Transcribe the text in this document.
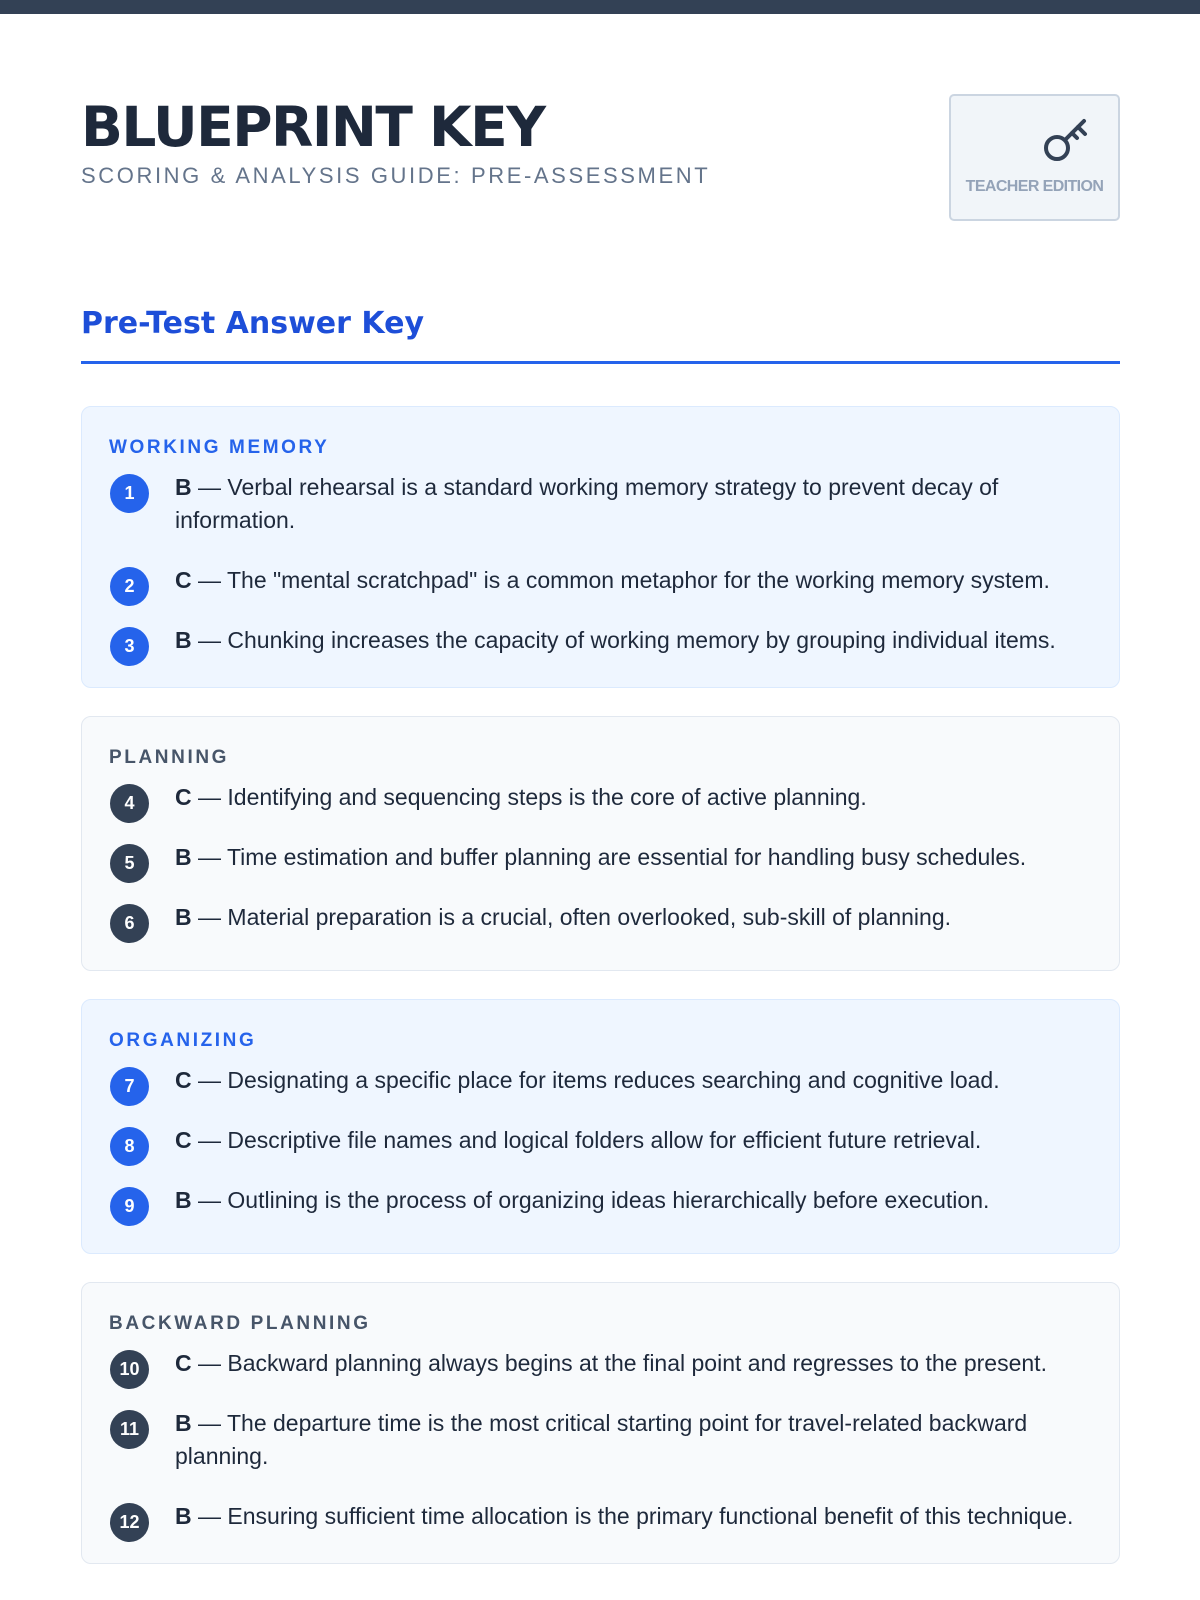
BLUEPRINT KEY
SCORING & ANALYSIS GUIDE: PRE-ASSESSMENT	TEACHER EDITION
Pre-Test Answer Key
WORKING MEMORY
1	B — Verbal rehearsal is a standard working memory strategy to prevent decay of information.
2	C — The "mental scratchpad" is a common metaphor for the working memory system.
3	B — Chunking increases the capacity of working memory by grouping individual items.
PLANNING
4	C — Identifying and sequencing steps is the core of active planning.
5	B — Time estimation and buffer planning are essential for handling busy schedules.
6	B — Material preparation is a crucial, often overlooked, sub-skill of planning.
ORGANIZING
7	C — Designating a specific place for items reduces searching and cognitive load.
8	C — Descriptive file names and logical folders allow for efficient future retrieval.
9	B — Outlining is the process of organizing ideas hierarchically before execution.
BACKWARD PLANNING
10	C — Backward planning always begins at the final point and regresses to the present.
11	B — The departure time is the most critical starting point for travel-related backward planning.
12	B — Ensuring sufficient time allocation is the primary functional benefit of this technique.
